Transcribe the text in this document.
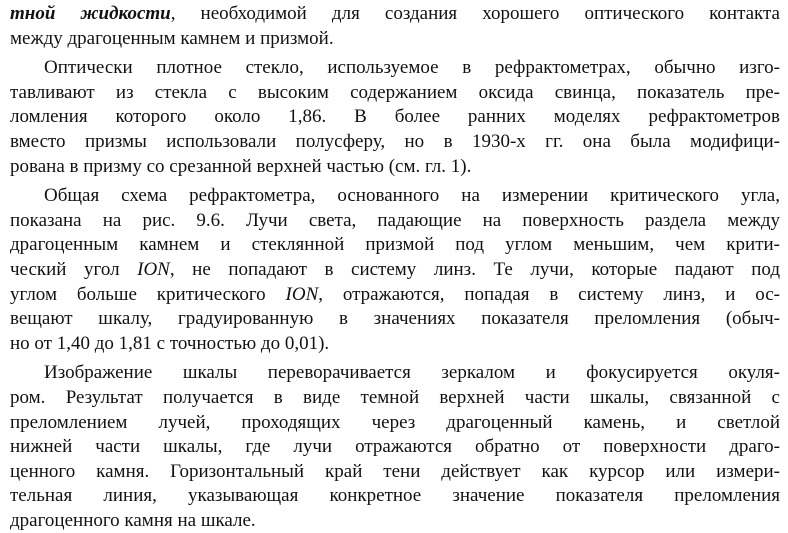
тной жидкости, необходимой для создания хорошего оптического контакта
между драгоценным камнем и призмой.
Оптически плотное стекло, используемое в рефрактометрах, обычно изго-
тавливают из стекла с высоким содержанием оксида свинца, показатель пре-
ломления которого около 1,86. В более ранних моделях рефрактометров
вместо призмы использовали полусферу, но в 1930-х гг. она была модифици-
рована в призму со срезанной верхней частью (см. гл. 1).
Общая схема рефрактометра, основанного на измерении критического угла,
показана на рис. 9.6. Лучи света, падающие на поверхность раздела между
драгоценным камнем и стеклянной призмой под углом меньшим, чем крити-
ческий угол ION, не попадают в систему линз. Те лучи, которые падают под
углом больше критического ION, отражаются, попадая в систему линз, и ос-
вещают шкалу, градуированную в значениях показателя преломления (обыч-
но от 1,40 до 1,81 с точностью до 0,01).
Изображение шкалы переворачивается зеркалом и фокусируется окуля-
ром. Результат получается в виде темной верхней части шкалы, связанной с
преломлением лучей, проходящих через драгоценный камень, и светлой
нижней части шкалы, где лучи отражаются обратно от поверхности драго-
ценного камня. Горизонтальный край тени действует как курсор или измери-
тельная линия, указывающая конкретное значение показателя преломления
драгоценного камня на шкале.
